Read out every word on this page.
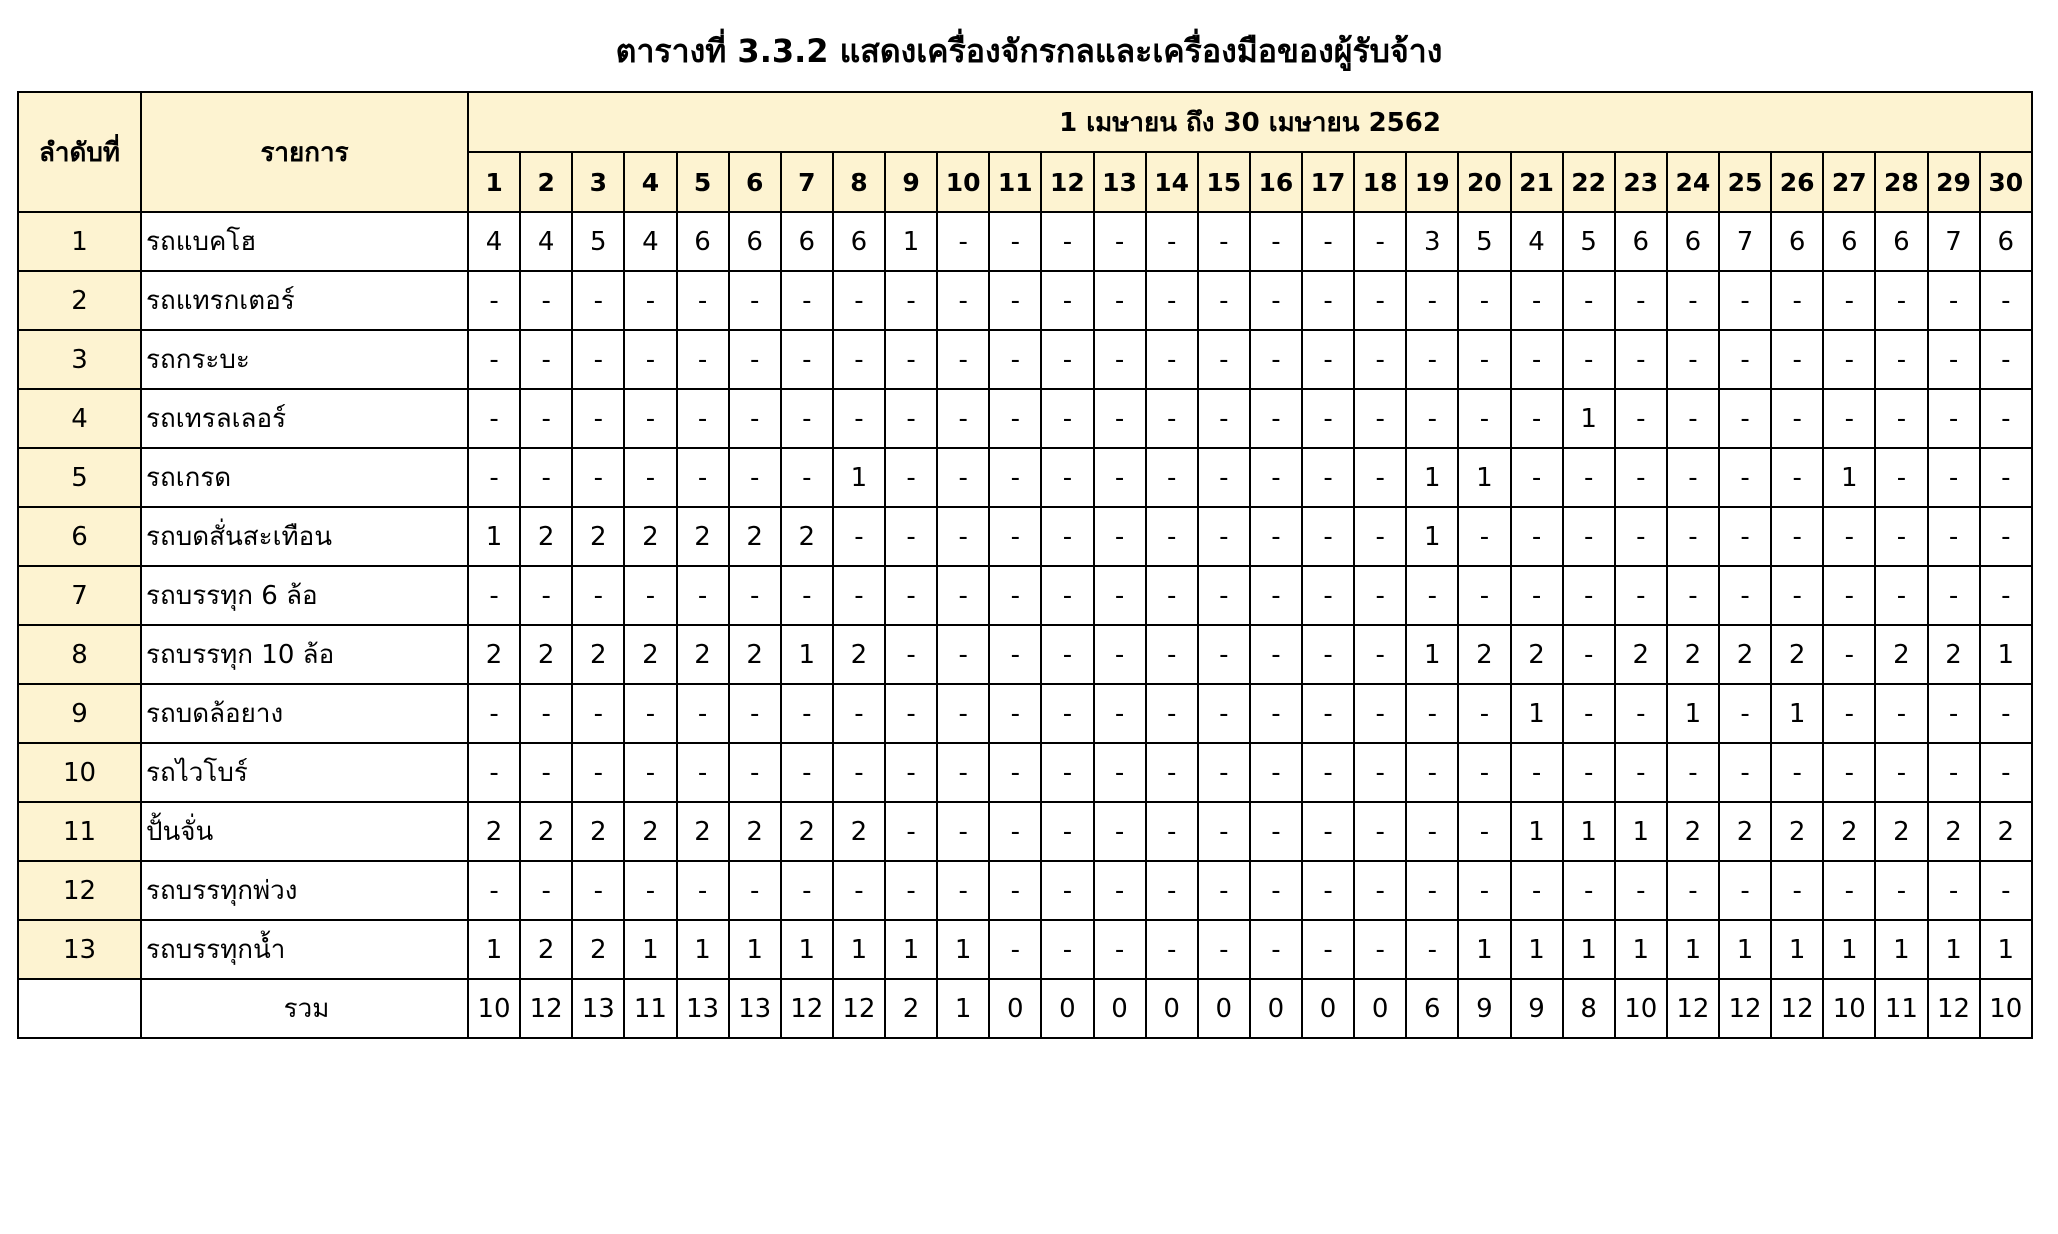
ตารางที่ 3.3.2 แสดงเครื่องจักรกลและเครื่องมือของผู้รับจ้าง
ลำดับที่	รายการ	1 เมษายน ถึง 30 เมษายน 2562																													
		1	2	3	4	5	6	7	8	9	10	11	12	13	14	15	16	17	18	19	20	21	22	23	24	25	26	27	28	29	30
1	รถแบคโฮ	4	4	5	4	6	6	6	6	1	-	-	-	-	-	-	-	-	-	3	5	4	5	6	6	7	6	6	6	7	6
2	รถแทรกเตอร์	-	-	-	-	-	-	-	-	-	-	-	-	-	-	-	-	-	-	-	-	-	-	-	-	-	-	-	-	-	-
3	รถกระบะ	-	-	-	-	-	-	-	-	-	-	-	-	-	-	-	-	-	-	-	-	-	-	-	-	-	-	-	-	-	-
4	รถเทรลเลอร์	-	-	-	-	-	-	-	-	-	-	-	-	-	-	-	-	-	-	-	-	-	1	-	-	-	-	-	-	-	-
5	รถเกรด	-	-	-	-	-	-	-	1	-	-	-	-	-	-	-	-	-	-	1	1	-	-	-	-	-	-	1	-	-	-
6	รถบดสั่นสะเทือน	1	2	2	2	2	2	2	-	-	-	-	-	-	-	-	-	-	-	1	-	-	-	-	-	-	-	-	-	-	-
7	รถบรรทุก 6 ล้อ	-	-	-	-	-	-	-	-	-	-	-	-	-	-	-	-	-	-	-	-	-	-	-	-	-	-	-	-	-	-
8	รถบรรทุก 10 ล้อ	2	2	2	2	2	2	1	2	-	-	-	-	-	-	-	-	-	-	1	2	2	-	2	2	2	2	-	2	2	1
9	รถบดล้อยาง	-	-	-	-	-	-	-	-	-	-	-	-	-	-	-	-	-	-	-	-	1	-	-	1	-	1	-	-	-	-
10	รถไวโบร์	-	-	-	-	-	-	-	-	-	-	-	-	-	-	-	-	-	-	-	-	-	-	-	-	-	-	-	-	-	-
11	ปั้นจั่น	2	2	2	2	2	2	2	2	-	-	-	-	-	-	-	-	-	-	-	-	1	1	1	2	2	2	2	2	2	2
12	รถบรรทุกพ่วง	-	-	-	-	-	-	-	-	-	-	-	-	-	-	-	-	-	-	-	-	-	-	-	-	-	-	-	-	-	-
13	รถบรรทุกน้ำ	1	2	2	1	1	1	1	1	1	1	-	-	-	-	-	-	-	-	-	1	1	1	1	1	1	1	1	1	1	1
	รวม	10	12	13	11	13	13	12	12	2	1	0	0	0	0	0	0	0	0	6	9	9	8	10	12	12	12	10	11	12	10
